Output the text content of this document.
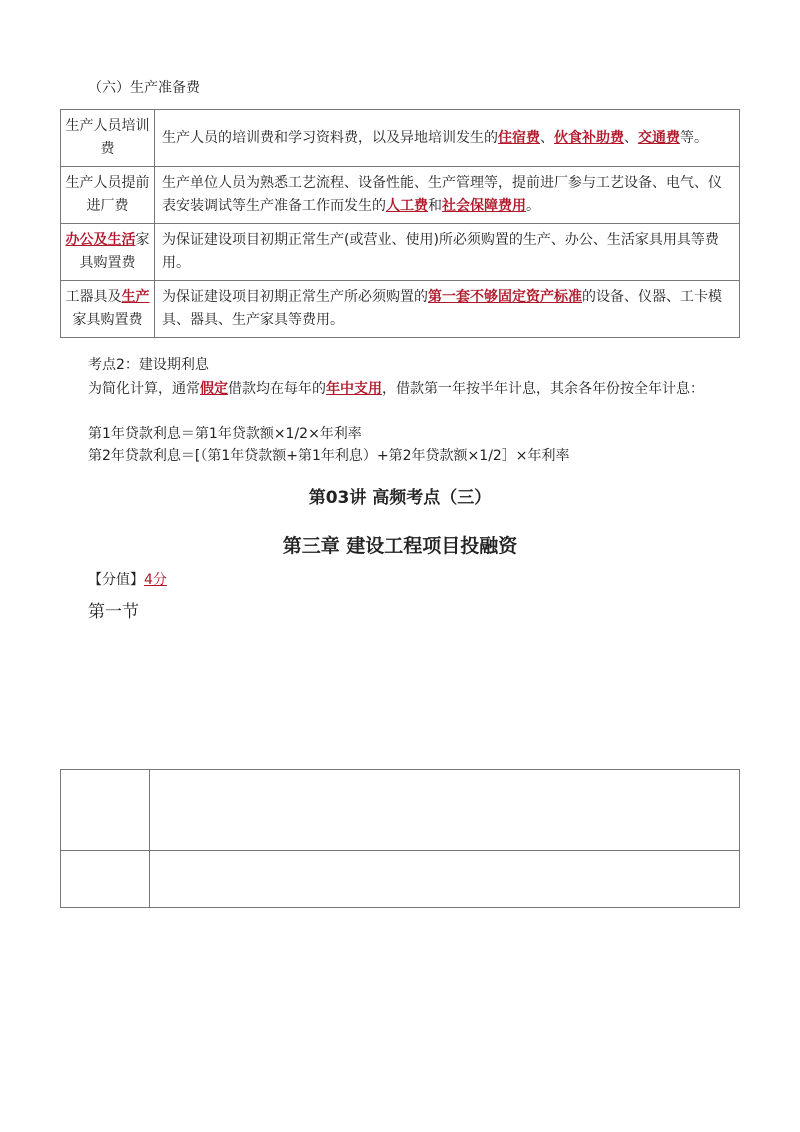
（六）生产准备费
生产人员培训费	生产人员的培训费和学习资料费，以及异地培训发生的住宿费、伙食补助费、交通费等。
生产人员提前进厂费	生产单位人员为熟悉工艺流程、设备性能、生产管理等，提前进厂参与工艺设备、电气、仪表安装调试等生产准备工作而发生的人工费和社会保障费用。
办公及生活家具购置费	为保证建设项目初期正常生产(或营业、使用)所必须购置的生产、办公、生活家具用具等费用。
工器具及生产家具购置费	为保证建设项目初期正常生产所必须购置的第一套不够固定资产标准的设备、仪器、工卡模具、器具、生产家具等费用。
考点2：建设期利息
为简化计算，通常假定借款均在每年的年中支用，借款第一年按半年计息，其余各年份按全年计息：
第1年贷款利息＝第1年贷款额×1/2×年利率
第2年贷款利息＝[（第1年贷款额+第1年利息）+第2年贷款额×1/2］×年利率
第03讲 高频考点（三）
第三章 建设工程项目投融资
【分值】4分
第一节
